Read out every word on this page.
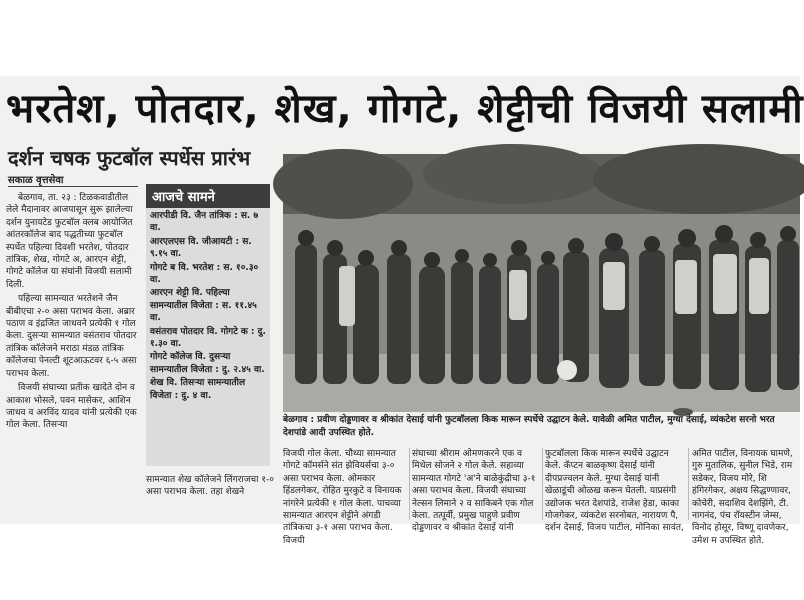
भरतेश, पोतदार, शेख, गोगटे, शेट्टीची विजयी सलामी
दर्शन चषक फुटबॉल स्पर्धेस प्रारंभ
सकाळ वृत्तसेवा

बेळगाव, ता. २३ : टिळकवाडीतील लेले मैदानावर आजपासून सुरू झालेल्या दर्शन युनायटेड फुटबॉल क्लब आयोजित आंतरकॉलेज बाद पद्धतीच्या फुटबॉल स्पर्धेत पहिल्या दिवशी भरतेश, पोतदार तांत्रिक, शेख, गोगटे अ, आरएन शेट्टी, गोगटे कॉलेज या संघांनी विजयी सलामी दिली.

पहिल्या सामन्यात भरतेशने जैन बीबीएचा २-० असा पराभव केला. अब्रार पठाण व इंद्रजित जाधवने प्रत्येकी १ गोल केला. दुसऱ्या सामन्यात वसंतराव पोतदार तांत्रिक कॉलेजने मराठा मंडळ तांत्रिक कॉलेजचा पेनल्टी शूटआऊटवर ६-५ असा पराभव केला.

विजयी संघाच्या प्रतीक खादेते दोन व आकाश भोसले, पवन मासेकर, आशिन जाधव व अरविंद यादव यांनी प्रत्येकी एक गोल केला. तिसऱ्या

आजचे सामने
आरपीडी वि. जैन तांत्रिक : स. ७ वा.
आरएलएस वि. जीआयटी : स. ९.१५ वा.
गोगटे ब वि. भरतेश : स. १०.३० वा.
आरएन शेट्टी वि. पहिल्या सामन्यातील विजेता : स. ११.४५ वा.
वसंतराव पोतदार वि. गोगटे क : दु. १.३० वा.
गोगटे कॉलेज वि. दुसऱ्या सामन्यातील विजेता : दु. २.४५ वा.
शेख वि. तिसऱ्या सामन्यातील विजेता : दु. ४ वा.
सामन्यात शेख कॉलेजने लिंगराजचा १-० असा पराभव केला. तहा शेखने
बेळगाव : प्रवीण दोड्डणावर व श्रीकांत देसाई यांनी फुटबॉलला किक मारून स्पर्धेचे उद्घाटन केले. यावेळी अमित पाटील, मुग्धा देसाई, व्यंकटेश सरनो भरत देशपांडे आदी उपस्थित होते.
विजयी गोल केला. चौथ्या सामन्यात गोगटे कॉमर्सने संत झेवियर्सचा ३-० असा पराभव केला. ओमकार हिंडलगेकर, रोहित मुरकुटे व विनायक नांगरेने प्रत्येकी १ गोल केला. पाचव्या सामन्यात आरएन शेट्टीने अंगडी तांत्रिकचा ३-१ असा पराभव केला. विजयी
संघाच्या श्रीराम ओमणकरने एक व मिथेल सोजने २ गोल केले. सहाव्या सामन्यात गोगटे 'अ'ने बाळेकुंद्रीचा ३-१ असा पराभव केला. विजयी संघाच्या नेल्सन लिमाने २ व साकिबने एक गोल केला. तत्पूर्वी, प्रमुख पाहुणे प्रवीण दोड्डणावर व श्रीकांत देसाई यांनी
फुटबॉलला किक मारून स्पर्धेचे उद्घाटन केले. कॅप्टन बाळकृष्ण देसाई यांनी दीपप्रज्वलन केले. मुग्धा देसाई यांनी खेळाडूंची ओळख करून घेतली. याप्रसंगी उद्योजक भरत देशपांडे, राजेश हेडा, काका गोजगेकर, व्यंकटेश सरनोबत, नारायण पै, दर्शन देसाई, विजय पाटील, मोनिका सावंत,
अमित पाटील, विनायक घामणे, गुरु मुतालिक, सुनील भिडे, राम सडेकर, विजय मोरे, शि हंगिरगेकर, अक्षय सिद्धण्णावर, कोचेरी, सदाशिव देशझिंगे, टी. नागनंद, पंच रॉयस्टीन जेम्स, विनोद होसूर, विष्णू दावणेकर, उमेश म उपस्थित होते.
